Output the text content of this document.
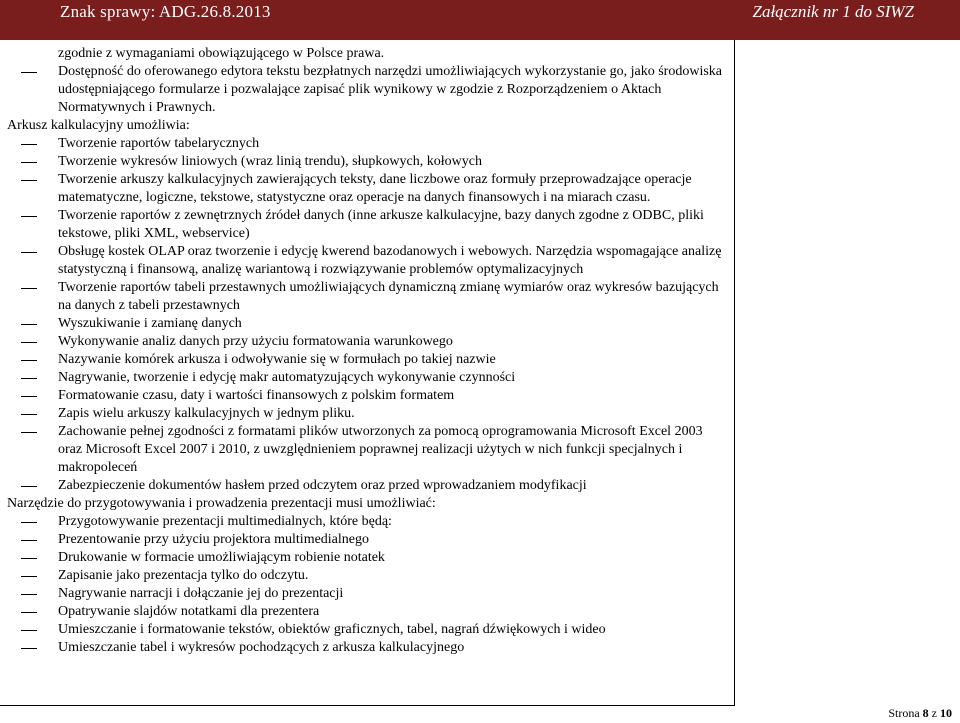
Znak sprawy: ADG.26.8.2013	Załącznik nr 1 do SIWZ

zgodnie z wymaganiami obowiązującego w Polsce prawa.

Dostępność do oferowanego edytora tekstu bezpłatnych narzędzi umożliwiających wykorzystanie go, jako środowiska udostępniającego formularze i pozwalające zapisać plik wynikowy w zgodzie z Rozporządzeniem o Aktach Normatywnych i Prawnych.

Arkusz kalkulacyjny umożliwia:

Tworzenie raportów tabelarycznych

Tworzenie wykresów liniowych (wraz linią trendu), słupkowych, kołowych

Tworzenie arkuszy kalkulacyjnych zawierających teksty, dane liczbowe oraz formuły przeprowadzające operacje matematyczne, logiczne, tekstowe, statystyczne oraz operacje na danych finansowych i na miarach czasu.

Tworzenie raportów z zewnętrznych źródeł danych (inne arkusze kalkulacyjne, bazy danych zgodne z ODBC, pliki tekstowe, pliki XML, webservice)

Obsługę kostek OLAP oraz tworzenie i edycję kwerend bazodanowych i webowych. Narzędzia wspomagające analizę statystyczną i finansową, analizę wariantową i rozwiązywanie problemów optymalizacyjnych

Tworzenie raportów tabeli przestawnych umożliwiających dynamiczną zmianę wymiarów oraz wykresów bazujących na danych z tabeli przestawnych

Wyszukiwanie i zamianę danych

Wykonywanie analiz danych przy użyciu formatowania warunkowego

Nazywanie komórek arkusza i odwoływanie się w formułach po takiej nazwie

Nagrywanie, tworzenie i edycję makr automatyzujących wykonywanie czynności

Formatowanie czasu, daty i wartości finansowych z polskim formatem

Zapis wielu arkuszy kalkulacyjnych w jednym pliku.

Zachowanie pełnej zgodności z formatami plików utworzonych za pomocą oprogramowania Microsoft Excel 2003 oraz Microsoft Excel 2007 i 2010, z uwzględnieniem poprawnej realizacji użytych w nich funkcji specjalnych i makropoleceń

Zabezpieczenie dokumentów hasłem przed odczytem oraz przed wprowadzaniem modyfikacji

Narzędzie do przygotowywania i prowadzenia prezentacji musi umożliwiać:

Przygotowywanie prezentacji multimedialnych, które będą:

Prezentowanie przy użyciu projektora multimedialnego

Drukowanie w formacie umożliwiającym robienie notatek

Zapisanie jako prezentacja tylko do odczytu.

Nagrywanie narracji i dołączanie jej do prezentacji

Opatrywanie slajdów notatkami dla prezentera

Umieszczanie i formatowanie tekstów, obiektów graficznych, tabel, nagrań dźwiękowych i wideo

Umieszczanie tabel i wykresów pochodzących z arkusza kalkulacyjnego

Strona 8 z 10
